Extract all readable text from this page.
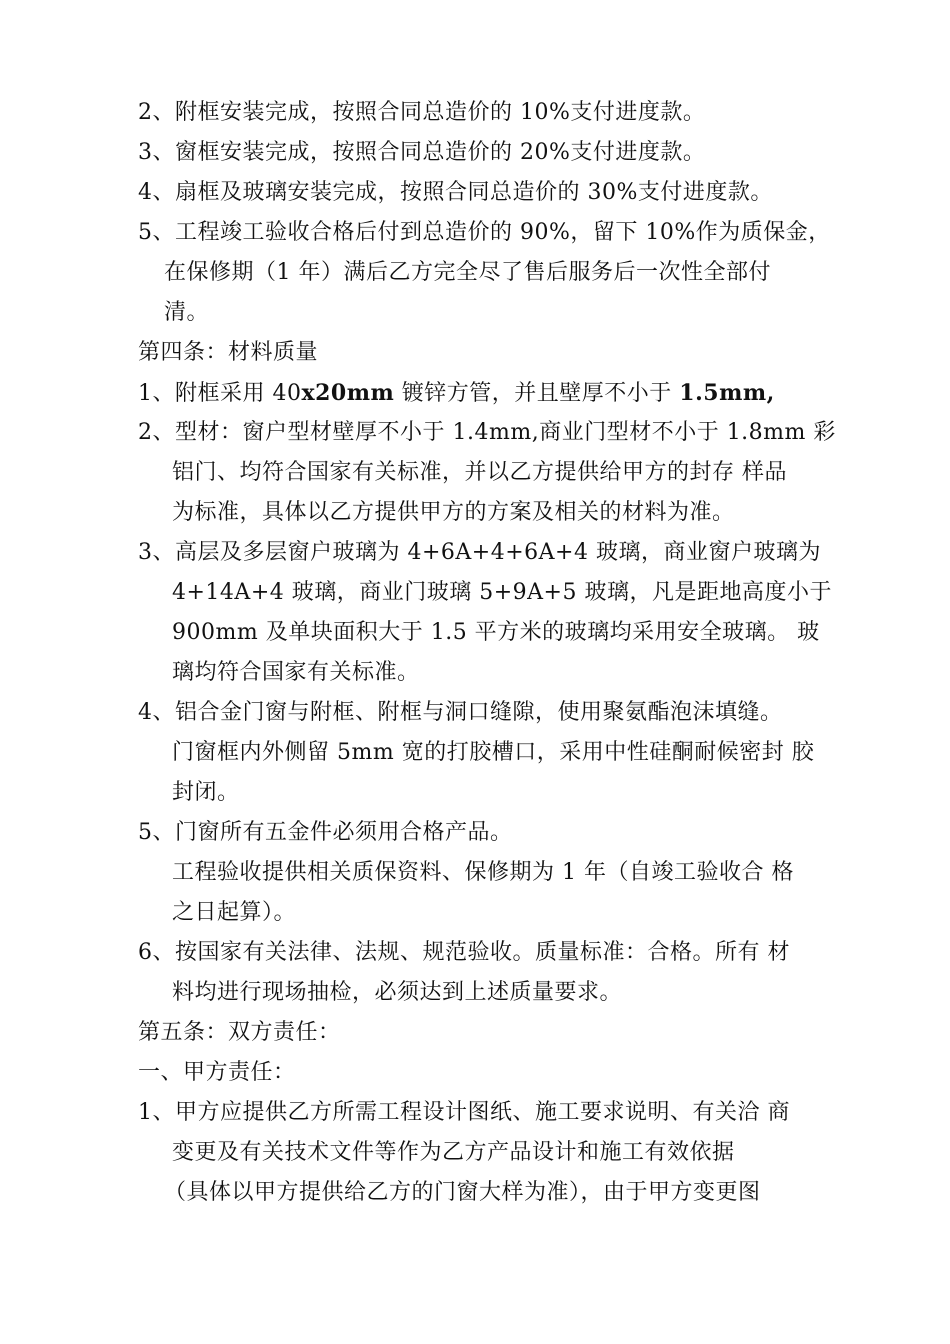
2、附框安装完成，按照合同总造价的 10%支付进度款。
3、窗框安装完成，按照合同总造价的 20%支付进度款。
4、扇框及玻璃安装完成，按照合同总造价的 30%支付进度款。
5、工程竣工验收合格后付到总造价的 90%，留下 10%作为质保金，
在保修期（1 年）满后乙方完全尽了售后服务后一次性全部付
清。
第四条：材料质量
1、附框采用 40x20mm 镀锌方管，并且壁厚不小于 1.5mm,
2、型材：窗户型材壁厚不小于 1.4mm,商业门型材不小于 1.8mm 彩
铝门、均符合国家有关标准，并以乙方提供给甲方的封存 样品
为标准，具体以乙方提供甲方的方案及相关的材料为准。
3、高层及多层窗户玻璃为 4+6A+4+6A+4 玻璃，商业窗户玻璃为
4+14A+4 玻璃，商业门玻璃 5+9A+5 玻璃，凡是距地高度小于
900mm 及单块面积大于 1.5 平方米的玻璃均采用安全玻璃。 玻
璃均符合国家有关标准。
4、铝合金门窗与附框、附框与洞口缝隙，使用聚氨酯泡沫填缝。
门窗框内外侧留 5mm 宽的打胶槽口，采用中性硅酮耐候密封 胶
封闭。
5、门窗所有五金件必须用合格产品。
工程验收提供相关质保资料、保修期为 1 年（自竣工验收合 格
之日起算）。
6、按国家有关法律、法规、规范验收。质量标准：合格。所有 材
料均进行现场抽检，必须达到上述质量要求。
第五条：双方责任：
一、甲方责任：
1、甲方应提供乙方所需工程设计图纸、施工要求说明、有关洽 商
变更及有关技术文件等作为乙方产品设计和施工有效依据
（具体以甲方提供给乙方的门窗大样为准），由于甲方变更图
